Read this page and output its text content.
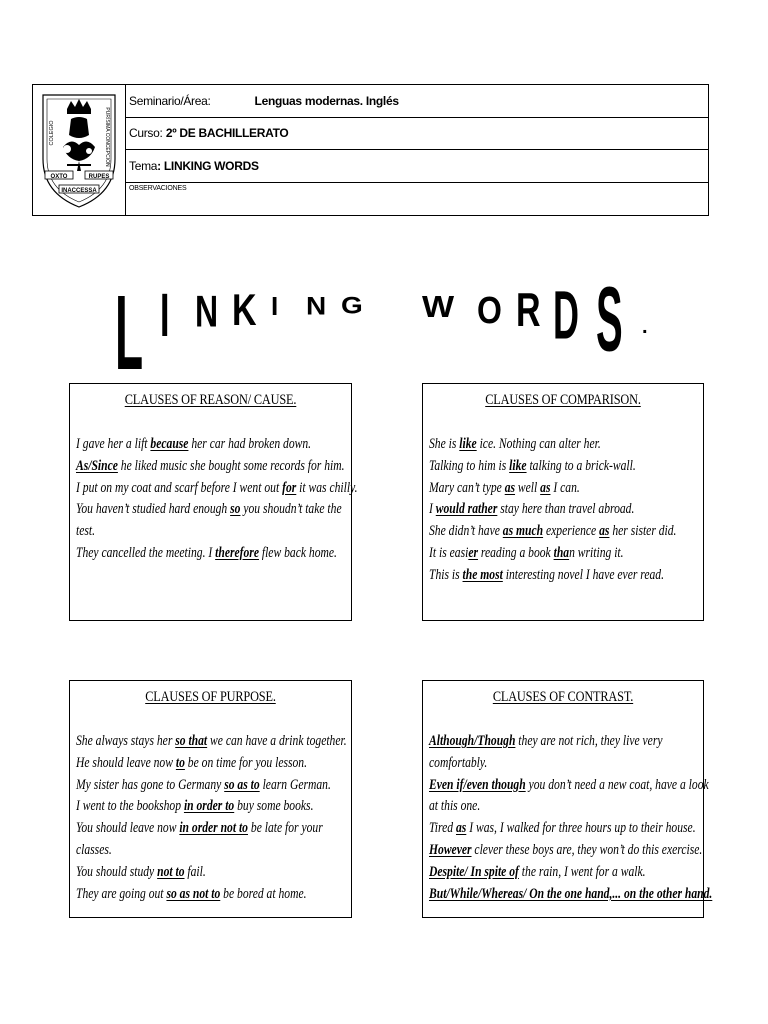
OXTO	RUPES
INACCESSA
COLEGIO	PURÍSIMA CONCEPCIÓN
Seminario/Área:	Lenguas modernas. Inglés
Curso:
2º DE BACHILLERATO
Tema : LINKING WORDS
OBSERVACIONES
L I N K I N G W O R D S .
CLAUSES OF REASON/ CAUSE.
I gave her a lift because her car had broken down.
As/Since he liked music she bought some records for him.
I put on my coat and scarf before I went out for it was chilly.
You haven’t studied hard enough so you shoudn’t take the
test.
They cancelled the meeting. I therefore flew back home.
CLAUSES OF COMPARISON.
She is like ice. Nothing can alter her.
Talking to him is like talking to a brick-wall.
Mary can’t type as well as I can.
I would rather stay here than travel abroad.
She didn’t have as much experience as her sister did.
It is easier reading a book than writing it.
This is the most interesting novel I have ever read.
CLAUSES OF PURPOSE.
She always stays her so that we can have a drink together.
He should leave now to be on time for you lesson.
My sister has gone to Germany so as to learn German.
I went to the bookshop in order to buy some books.
You should leave now in order not to be late for your
classes.
You should study not to fail.
They are going out so as not to be bored at home.
CLAUSES OF CONTRAST.
Although/Though they are not rich, they live very
comfortably.
Even if/even though you don’t need a new coat, have a look
at this one.
Tired as I was, I walked for three hours up to their house.
However clever these boys are, they won’t do this exercise.
Despite/ In spite of the rain, I went for a walk.
But/While/Whereas/ On the one hand,... on the other hand.
